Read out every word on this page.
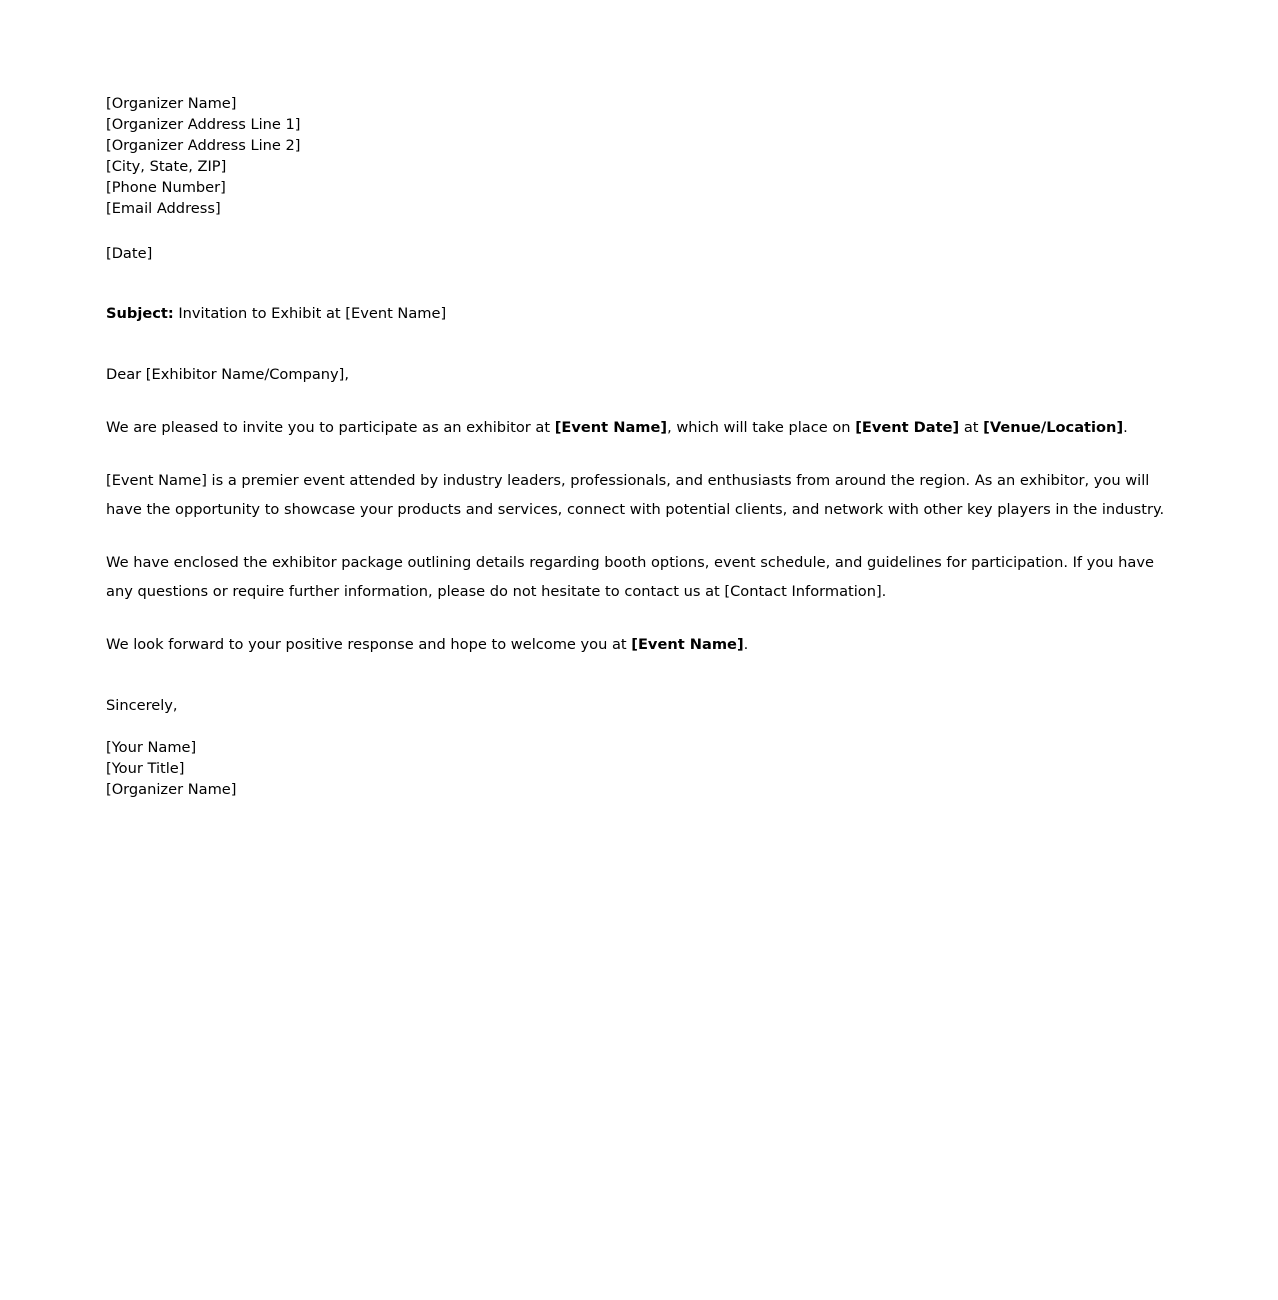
[Organizer Name]
[Organizer Address Line 1]
[Organizer Address Line 2]
[City, State, ZIP]
[Phone Number]
[Email Address]
[Date]

Subject: Invitation to Exhibit at [Event Name]

Dear [Exhibitor Name/Company],

We are pleased to invite you to participate as an exhibitor at [Event Name], which will take place on [Event Date] at [Venue/Location].

[Event Name] is a premier event attended by industry leaders, professionals, and enthusiasts from around the region. As an exhibitor, you will have the opportunity to showcase your products and services, connect with potential clients, and network with other key players in the industry.

We have enclosed the exhibitor package outlining details regarding booth options, event schedule, and guidelines for participation. If you have any questions or require further information, please do not hesitate to contact us at [Contact Information].

We look forward to your positive response and hope to welcome you at [Event Name].

Sincerely,
[Your Name]
[Your Title]
[Organizer Name]
